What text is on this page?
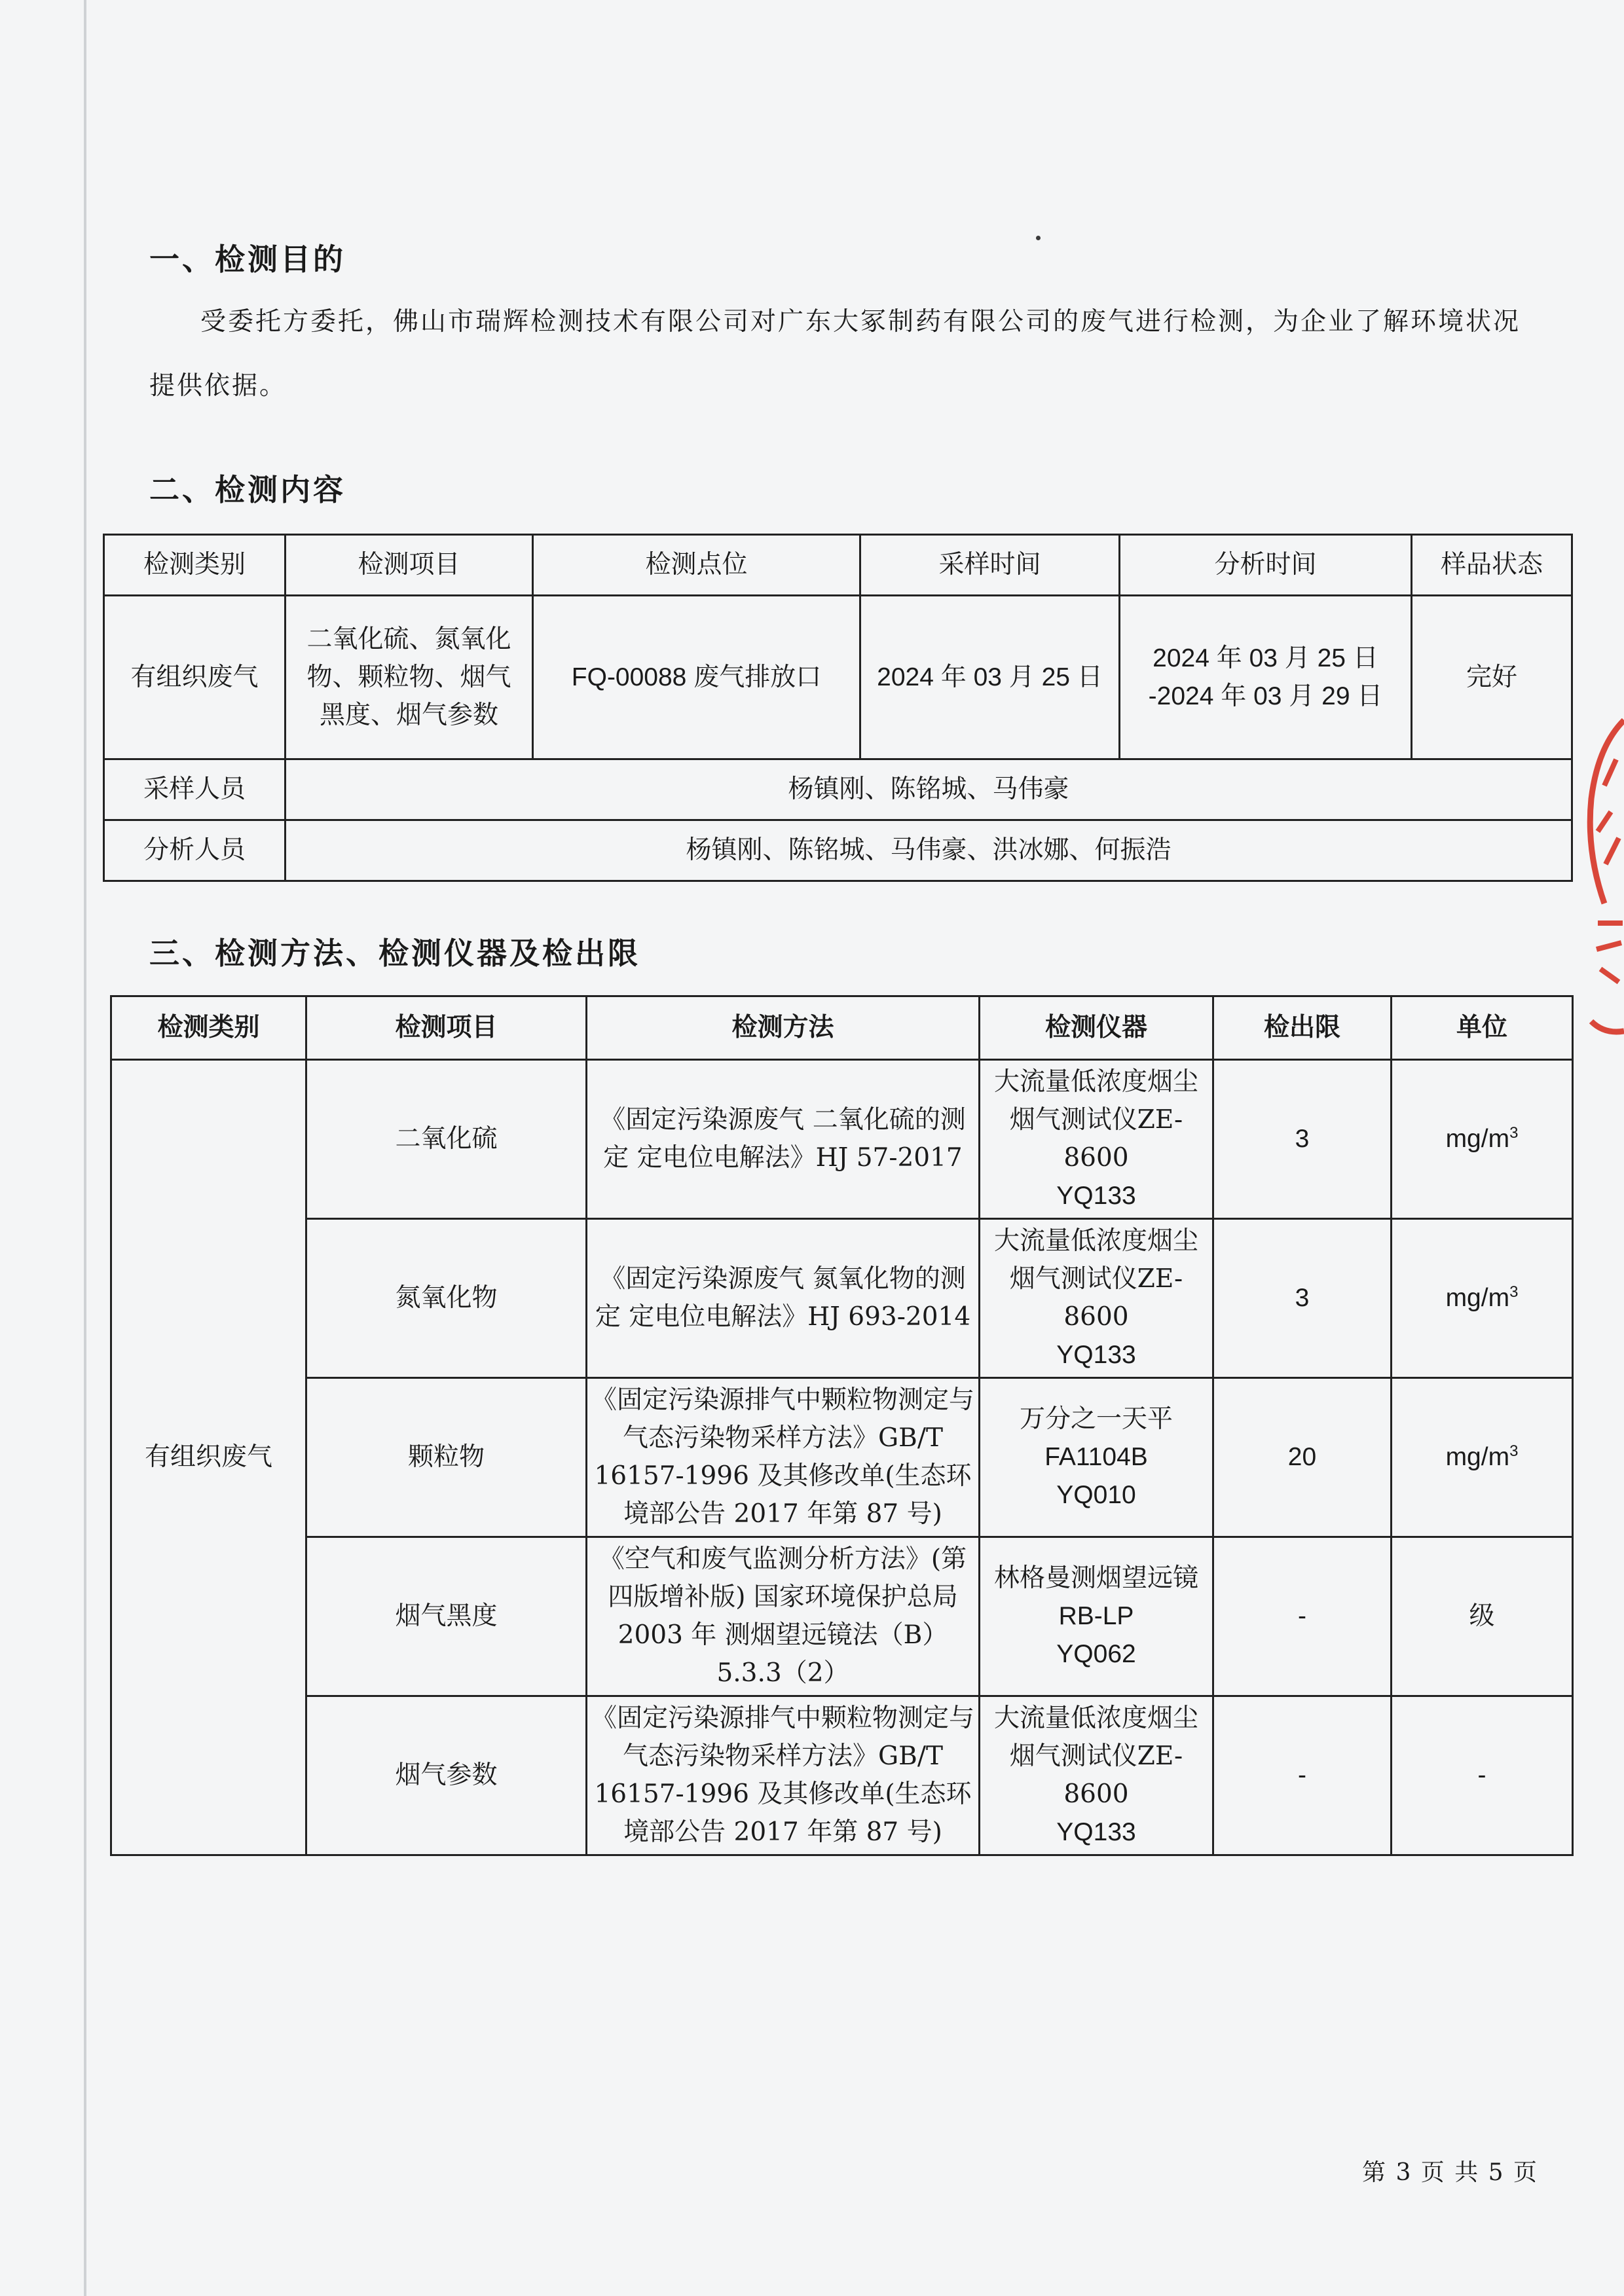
一、检测目的

受委托方委托，佛山市瑞辉检测技术有限公司对广东大冢制药有限公司的废气进行检测，为企业了解环境状况提供依据。

二、检测内容
检测类别	检测项目	检测点位	采样时间	分析时间	样品状态
有组织废气	二氧化硫、氮氧化物、颗粒物、烟气黑度、烟气参数	FQ-00088 废气排放口	2024 年 03 月 25 日	2024 年 03 月 25 日
-2024 年 03 月 29 日	完好
采样人员	杨镇刚、陈铭城、马伟豪				
分析人员	杨镇刚、陈铭城、马伟豪、洪冰娜、何振浩				
三、检测方法、检测仪器及检出限
检测类别	检测项目	检测方法	检测仪器	检出限	单位
有组织废气	二氧化硫	《固定污染源废气 二氧化硫的测定 定电位电解法》HJ 57-2017	大流量低浓度烟尘烟气测试仪ZE-8600
YQ133	3	$mg/m^3$
	氮氧化物	《固定污染源废气 氮氧化物的测定 定电位电解法》HJ 693-2014	大流量低浓度烟尘烟气测试仪ZE-8600
YQ133	3	$mg/m^3$
	颗粒物	《固定污染源排气中颗粒物测定与气态污染物采样方法》GB/T 16157-1996 及其修改单(生态环境部公告 2017 年第 87 号)	万分之一天平
FA1104B
YQ010	20	$mg/m^3$
	烟气黑度	《空气和废气监测分析方法》(第四版增补版) 国家环境保护总局 2003 年 测烟望远镜法（B） 5.3.3（2）	林格曼测烟望远镜
RB-LP
YQ062	-	级
	烟气参数	《固定污染源排气中颗粒物测定与气态污染物采样方法》GB/T 16157-1996 及其修改单(生态环境部公告 2017 年第 87 号)	大流量低浓度烟尘烟气测试仪ZE-8600
YQ133	-	-
第 3 页 共 5 页
